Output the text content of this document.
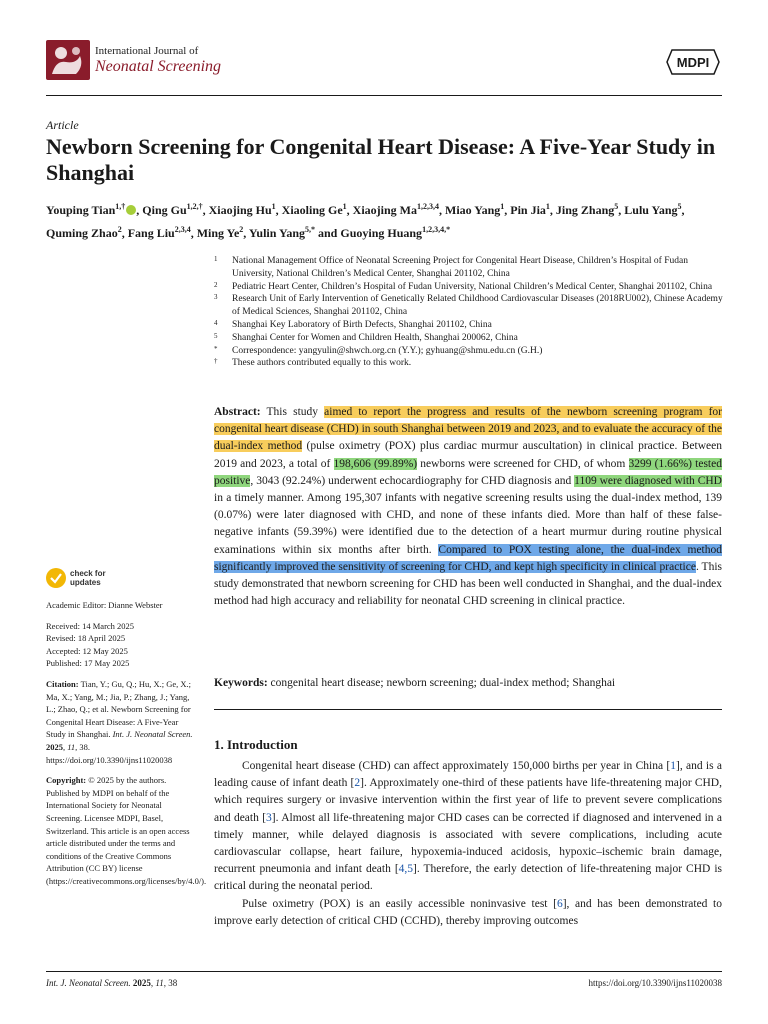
International Journal of
Neonatal Screening	MDPI
Article
Newborn Screening for Congenital Heart Disease: A Five-Year Study in Shanghai
Youping Tian$^{1,\dagger}$ , Qing $Gu^{1,2,\dagger}$, Xiaojing Hu$^1$, Xiaoling Ge$^1$, Xiaojing Ma$^{1,2,3,4}$, Miao Yang$^1$, Pin Jia$^1$, Jing Zhang$^5$, Lulu Yang$^5$, Quming Zhao$^2$, Fang Liu$^{2,3,4}$, Ming Ye$^2$, Yulin Yang$^{5,*}$ and Guoying Huang$^{1,2,3,4,*}$
1 National Management Office of Neonatal Screening Project for Congenital Heart Disease, Children’s Hospital of Fudan University, National Children’s Medical Center, Shanghai 201102, China
2 Pediatric Heart Center, Children’s Hospital of Fudan University, National Children’s Medical Center, Shanghai 201102, China
3 Research Unit of Early Intervention of Genetically Related Childhood Cardiovascular Diseases (2018RU002), Chinese Academy of Medical Sciences, Shanghai 201102, China
4 Shanghai Key Laboratory of Birth Defects, Shanghai 201102, China
5 Shanghai Center for Women and Children Health, Shanghai 200062, China
* Correspondence: yangyulin@shwch.org.cn (Y.Y.); gyhuang@shmu.edu.cn (G.H.)
† These authors contributed equally to this work.
Abstract: This study aimed to report the progress and results of the newborn screening program for congenital heart disease (CHD) in south Shanghai between 2019 and 2023, and to evaluate the accuracy of the dual-index method (pulse oximetry (POX) plus cardiac murmur auscultation) in clinical practice. Between 2019 and 2023, a total of 198,606 (99.89%) newborns were screened for CHD, of whom 3299 (1.66%) tested positive, 3043 (92.24%) underwent echocardiography for CHD diagnosis and 1109 were diagnosed with CHD in a timely manner. Among 195,307 infants with negative screening results using the dual-index method, 139 (0.07%) were later diagnosed with CHD, and none of these infants died. More than half of these false-negative infants (59.39%) were identified due to the detection of a heart murmur during routine physical examinations within six months after birth. Compared to POX testing alone, the dual-index method significantly improved the sensitivity of screening for CHD, and kept high specificity in clinical practice. This study demonstrated that newborn screening for CHD has been well conducted in Shanghai, and the dual-index method had high accuracy and reliability for neonatal CHD screening in clinical practice.
Keywords: congenital heart disease; newborn screening; dual-index method; Shanghai
1. Introduction

Congenital heart disease (CHD) can affect approximately 150,000 births per year in China [1], and is a leading cause of infant death [2]. Approximately one-third of these patients have life-threatening major CHD, which requires surgery or invasive intervention within the first year of life to prevent severe complications and death [3]. Almost all life-threatening major CHD cases can be corrected if diagnosed and intervened in a timely manner, while delayed diagnosis is associated with severe complications, including acute cardiovascular collapse, heart failure, hypoxemia-induced acidosis, hypoxic–ischemic brain damage, recurrent pneumonia and infant death [4,5]. Therefore, the early detection of life-threatening major CHD is critical during the neonatal period.

Pulse oximetry (POX) is an easily accessible noninvasive test [6], and has been demonstrated to improve early detection of critical CHD (CCHD), thereby improving outcomes

check for
updates
Academic Editor: Dianne Webster
Received: 14 March 2025
Revised: 18 April 2025
Accepted: 12 May 2025
Published: 17 May 2025
Citation: Tian, Y.; Gu, Q.; Hu, X.; Ge, X.; Ma, X.; Yang, M.; Jia, P.; Zhang, J.; Yang, L.; Zhao, Q.; et al. Newborn Screening for Congenital Heart Disease: A Five-Year Study in Shanghai. Int. J. Neonatal Screen. 2025, 11, 38. https://doi.org/10.3390/ijns11020038
Copyright: © 2025 by the authors. Published by MDPI on behalf of the International Society for Neonatal Screening. Licensee MDPI, Basel, Switzerland. This article is an open access article distributed under the terms and conditions of the Creative Commons Attribution (CC BY) license (https://creativecommons.org/licenses/by/4.0/).
Int. J. Neonatal Screen. 2025, 11, 38	https://doi.org/10.3390/ijns11020038
